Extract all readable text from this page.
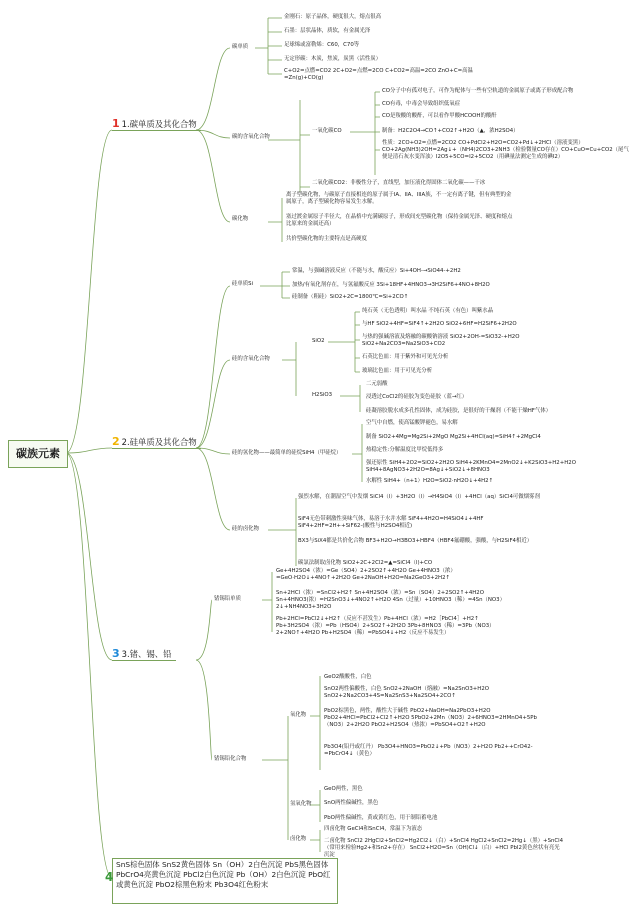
碳族元素
1 1.碳单质及其化合物
2 2.硅单质及其化合物
3 3.锗、锡、铅
4
SnS棕色固体 SnS2黄色固体 Sn（OH）2白色沉淀 PbS黑色固体 PbCrO4亮黄色沉淀 PbCl2白色沉淀 Pb（OH）2白色沉淀 PbO红或黄色沉淀 PbO2棕黑色粉末 Pb3O4红色粉末
碳单质
金刚石：原子晶体，硬度很大，熔点很高
石墨：层状晶体，质软，有金属光泽
足球烯或富勒烯：C60，C70等
无定形碳：木炭，焦炭，炭黑（活性炭）
C+O2=点燃=CO2 2C+O2=点燃=2CO C+CO2=高温=2CO ZnO+C=高温=Zn(g)+CO(g)
碳的含氧化合物
一氧化碳CO
CO分子中有孤对电子，可作为配体与一些有空轨道的金属原子或离子形成配合物
CO有毒，中毒会导致组织低氧症
CO是羧酸的酸酐，可以看作甲酸HCOOH的酸酐
制备：H2C2O4→CO↑+CO2↑+H2O（▲，浓H2SO4）
性质：2CO+O2=点燃=2CO2 CO+PdCl2+H2O=CO2+Pd↓+2HCl（溶液变黑）CO+2Ag(NH3)2OH=2Ag↓+（NH4)2CO3+2NH3（检验微量CO存在）CO+CuO=Cu+CO2（尾气便是清石灰水变浑浊）I2O5+5CO=I2+5CO2（用碘量法测定生成的碘I2）
二氧化碳CO2：非极性分子，直线型，加压液化得固体二氧化碳——干冰
碳化物
离子型碳化物，与碳原子直接相连的原子属于IA、IIA、IIIA族，不一定有离子键，但有典型的金属原子，离子型碳化物容易发生水解。
塞过渡金属原子半径大，在晶格中充满碳原子，形成间充型碳化物（保持金属光泽、硬度和熔点比原来的金属还高）
共价型碳化物的主要特点是高硬度
硅单质Si
常温，与强碱溶液反应（不能与水，酸反应）Si+4OH-→SiO44-+2H2
加热/有氧化剂存在，与氢氟酸反应 3Si+18HF+4HNO3→3H2SiF6+4NO+8H2O
硅制备（粗硅）SiO2+2C=1800℃=Si+2CO↑
硅的含氧化合物
SiO2
纯石英（无色透明）叫水晶 不纯石英（有色）叫紫水晶
与HF SiO2+4HF=SiF4↑+2H2O SiO2+6HF=H2SiF6+2H2O
与热的强碱溶液及熔融的碳酸钠溶液 SiO2+2OH-=SiO32-+H2O SiO2+Na2CO3=Na2SiO3+CO2
石英比色皿：用于紫外和可见光分析
玻璃比色皿：用于可见光分析
H2SiO3
二元弱酸
浸透过CoCl2的硅胶为变色硅胶（蓝→红）
硅凝溶胶脱水成多孔性固体，成为硅胶，是很好的干燥剂（不能干燥HF气体）
硅的氢化物——最简单的硅烷SiH4（甲硅烷）
空气中自燃，使高锰酸钾褪色，易水解
制备 SiO2+4Mg=Mg2Si+2MgO Mg2Si+4HCl(aq)=SiH4↑+2MgCl4
热稳定性:分解温度比甲烷低得多
强还原性 SiH4+2O2=SiO2+2H2O SiH4+2KMnO4=2MnO2↓+K2SiO3+H2+H2O SiH4+8AgNO3+2H2O=8Ag↓+SiO2↓+8HNO3
水解性 SiH4+（n+1）H2O=SiO2·nH2O↓+4H2↑
硅的卤化物
强烈水解，在潮湿空气中发烟 SiCl4（l）+3H2O（l）→H4SiO4（l）+4HCl（aq）SiCl4可做烟雾剂
SiF4无色带刺激性臭味气体，易溶于水并水解 SiF4+4H2O=H4SiO4↓+4HF SiF4+2HF=2H++SiF62-(酸性与H2SO4相近)
BX3与SiX4都是共价化合物 BF3+H2O→H3BO3+HBF4（HBF4氟硼酸，强酸，与H2SiF4相近）
碳氯法制取卤化物 SiO2+2C+2Cl2=▲=SiCl4（l)+CO
锗锡铅单质
Ge+4H2SO4（浓）=Ge（SO4）2+2SO2↑+4H2O Ge+4HNO3（浓）=GeO·H2O↓+4NO↑+2H2O Ge+2NaOH+H2O=Na2GeO3+2H2↑
Sn+2HCl（浓）=SnCl2+H2↑ Sn+4H2SO4（浓）=Sn（SO4）2+2SO2↑+4H2O Sn+4HNO3(浓）=H2SnO3↓+4NO2↑+H2O 4Sn（过量）+10HNO3（稀）=4Sn（NO3）2↓+NH4NO3+3H2O
Pb+2HCl=PbCl2↓+H2↑（反应不甚发生）Pb+4HCl（浓）=H2［PbCl4］+H2↑ Pb+3H2SO4（浓）=Pb（HSO4）2+SO2↑+2H2O 3Pb+8HNO3（稀）=3Pb（NO3）2+2NO↑+4H2O Pb+H2SO4（稀）=PbSO4↓+H2（反应不易发生）
锗锡铅化合物
氧化物
GeO2酸酸性，白色
SnO2两性偏酸性，白色 SnO2+2NaOH（熔融）=Na2SnO3+H2O SnO2+2Na2CO3+4S=Na2SnS3+Na2SO4+2CO↑
PbO2棕黑色，两性，酸性大于碱性 PbO2+NaOH=Na2PbO3+H2O PbO2+4HCl=PbCl2+Cl2↑+H2O 5PbO2+2Mn（NO3）2+6HNO3=2HMnO4+5Pb（NO3）2+2H2O PbO2+H2SO4（热浓）=PbSO4+O2↑+H2O
Pb3O4(铅丹或红丹） Pb3O4+HNO3=PbO2↓+Pb（NO3）2+H2O Pb2++CrO42-=PbCrO4↓（黄色）
氢氧化物
GeO两性，黑色
SnO两性偏碱性，黑色
PbO两性偏碱性，黄或黄红色，用于制铅蓄电池
卤化物
四卤化物 GeCl4和SnCl4，常温下为液态
二卤化物 SnCl2 2HgCl2+SnCl2=Hg2Cl2↓（白）+SnCl4 HgCl2+SnCl2=2Hg↓（黑）+SnCl4（常用来检验Hg2+和Sn2+存在） SnCl2+H2O=Sn（OH)Cl↓（白）+HCl PbI2黄色丝状有亮光沉淀
